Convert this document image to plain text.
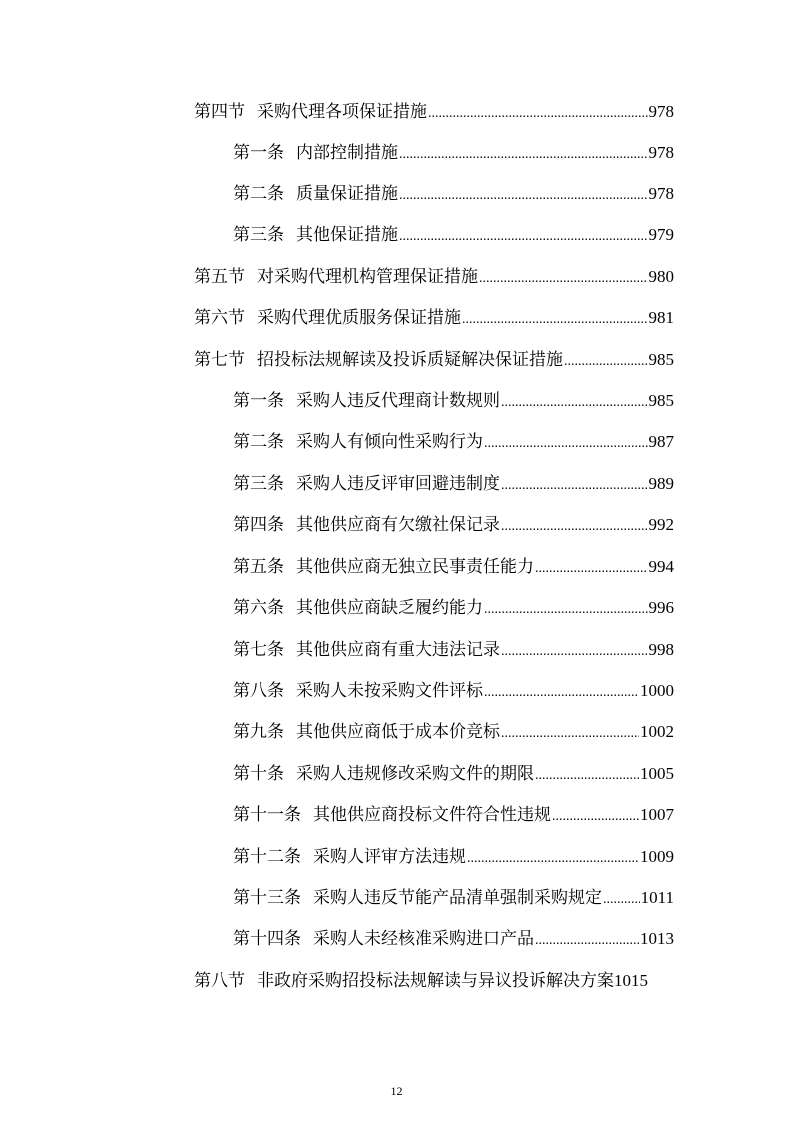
第四节 采购代理各项保证措施 .....	978
第一条 内部控制措施 .....	978
第二条 质量保证措施 .....	978
第三条 其他保证措施 .....	979
第五节 对采购代理机构管理保证措施 .....	980
第六节 采购代理优质服务保证措施 .....	981
第七节 招投标法规解读及投诉质疑解决保证措施 .....	985
第一条 采购人违反代理商计数规则 .....	985
第二条 采购人有倾向性采购行为 .....	987
第三条 采购人违反评审回避违制度 .....	989
第四条 其他供应商有欠缴社保记录 .....	992
第五条 其他供应商无独立民事责任能力 .....	994
第六条 其他供应商缺乏履约能力 .....	996
第七条 其他供应商有重大违法记录 .....	998
第八条 采购人未按采购文件评标 .....	1000
第九条 其他供应商低于成本价竞标 .....	1002
第十条 采购人违规修改采购文件的期限 .....	1005
第十一条 其他供应商投标文件符合性违规 .....	1007
第十二条 采购人评审方法违规 .....	1009
第十三条 采购人违反节能产品清单强制采购规定 ..... 1011
第十四条 采购人未经核准采购进口产品 .....	1013
第八节 非政府采购招投标法规解读与异议投诉解决方案 1015
12
